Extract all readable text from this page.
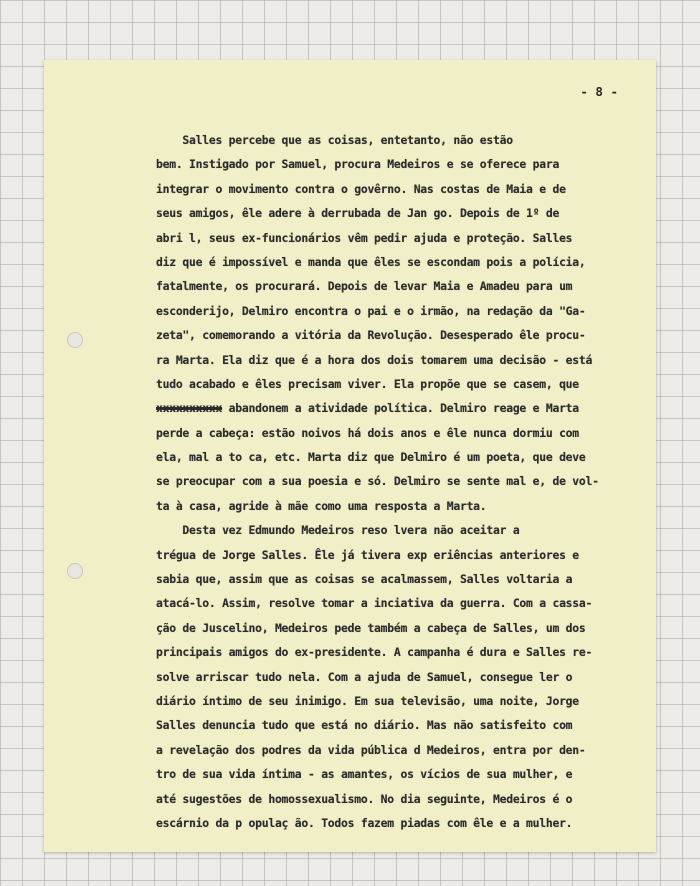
- 8 -
Salles percebe que as coisas, entetanto, não estão
bem. Instigado por Samuel, procura Medeiros e se oferece para
integrar o movimento contra o govêrno. Nas costas de Maia e de
seus amigos, êle adere à derrubada de Jan go. Depois de 1º de
abri l, seus ex-funcionários vêm pedir ajuda e proteção. Salles
diz que é impossível e manda que êles se escondam pois a polícia,
fatalmente, os procurará. Depois de levar Maia e Amadeu para um
esconderijo, Delmiro encontra o pai e o irmão, na redação da "Ga-
zeta", comemorando a vitória da Revolução. Desesperado êle procu-
ra Marta. Ela diz que é a hora dos dois tomarem uma decisão - está
tudo acabado e êles precisam viver. Ela propõe que se casem, que
xxxxxxxxxx abandonem a atividade política. Delmiro reage e Marta
perde a cabeça: estão noivos há dois anos e êle nunca dormiu com
ela, mal a to ca, etc. Marta diz que Delmiro é um poeta, que deve
se preocupar com a sua poesia e só. Delmiro se sente mal e, de vol-
ta à casa, agride à mãe como uma resposta a Marta.
Desta vez Edmundo Medeiros reso lvera não aceitar a
trégua de Jorge Salles. Êle já tivera exp eriências anteriores e
sabia que, assim que as coisas se acalmassem, Salles voltaria a
atacá-lo. Assim, resolve tomar a inciativa da guerra. Com a cassa-
ção de Juscelino, Medeiros pede também a cabeça de Salles, um dos
principais amigos do ex-presidente. A campanha é dura e Salles re-
solve arriscar tudo nela. Com a ajuda de Samuel, consegue ler o
diário íntimo de seu inimigo. Em sua televisão, uma noite, Jorge
Salles denuncia tudo que está no diário. Mas não satisfeito com
a revelação dos podres da vida pública d Medeiros, entra por den-
tro de sua vida íntima - as amantes, os vícios de sua mulher, e
até sugestões de homossexualismo. No dia seguinte, Medeiros é o
escárnio da p opulaç ão. Todos fazem piadas com êle e a mulher.
